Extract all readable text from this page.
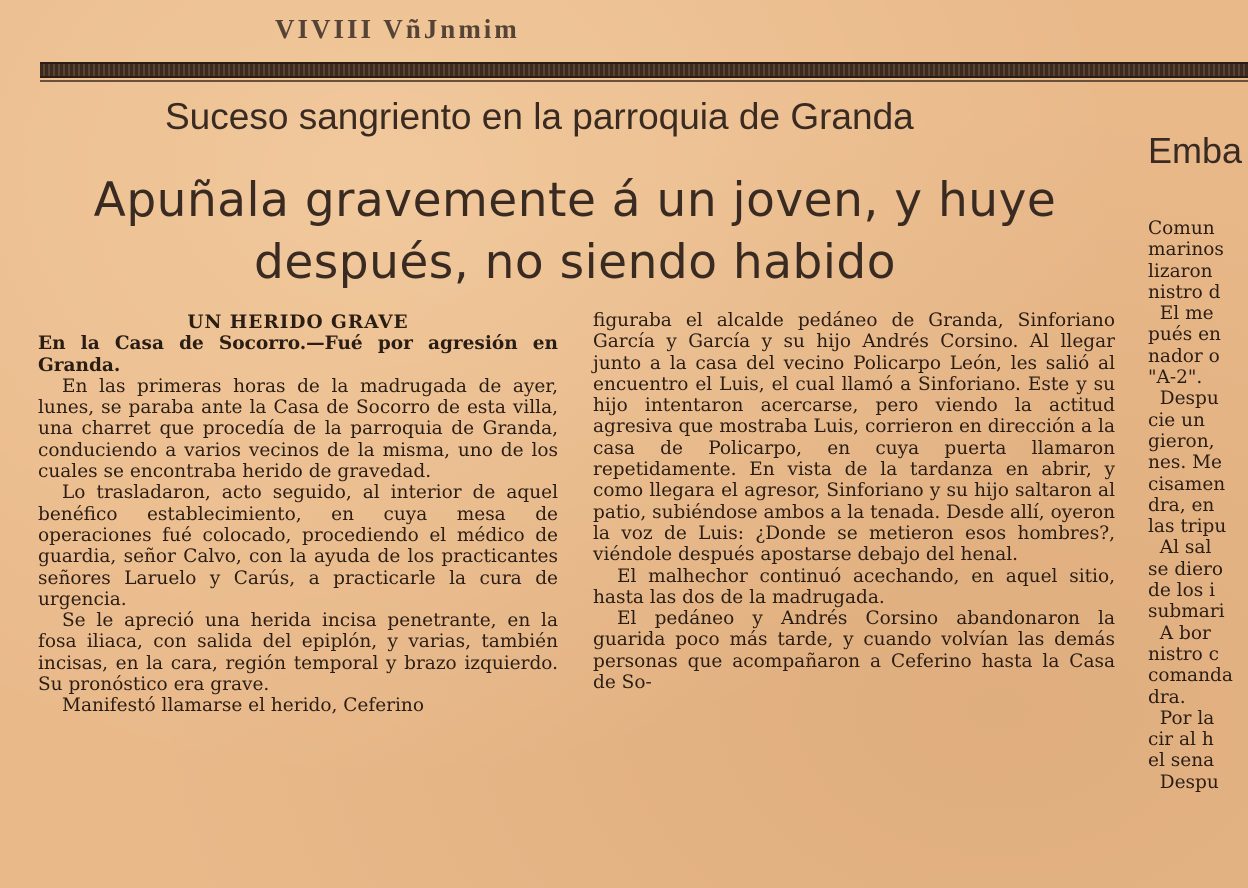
VIVIII VñJnmim
Suceso sangriento en la parroquia de Granda
Apuñala gravemente á un joven, y huye después, no siendo habido

UN HERIDO GRAVE

En la Casa de Socorro.—Fué por agresión en Granda.

En las primeras horas de la madrugada de ayer, lunes, se paraba ante la Casa de Socorro de esta villa, una charret que procedía de la parroquia de Granda, conduciendo a varios vecinos de la misma, uno de los cuales se encontraba herido de gravedad.

Lo trasladaron, acto seguido, al interior de aquel benéfico establecimiento, en cuya mesa de operaciones fué colocado, procediendo el médico de guardia, señor Calvo, con la ayuda de los practicantes señores Laruelo y Carús, a practicarle la cura de urgencia.

Se le apreció una herida incisa penetrante, en la fosa iliaca, con salida del epiplón, y varias, también incisas, en la cara, región temporal y brazo izquierdo. Su pronóstico era grave.

Manifestó llamarse el herido, Ceferino

figuraba el alcalde pedáneo de Granda, Sinforiano García y García y su hijo Andrés Corsino. Al llegar junto a la casa del vecino Policarpo León, les salió al encuentro el Luis, el cual llamó a Sinforiano. Este y su hijo intentaron acercarse, pero viendo la actitud agresiva que mostraba Luis, corrieron en dirección a la casa de Policarpo, en cuya puerta llamaron repetidamente. En vista de la tardanza en abrir, y como llegara el agresor, Sinforiano y su hijo saltaron al patio, subiéndose ambos a la tenada. Desde allí, oyeron la voz de Luis: ¿Donde se metieron esos hombres?, viéndole después apostarse debajo del henal.

El malhechor continuó acechando, en aquel sitio, hasta las dos de la madrugada.

El pedáneo y Andrés Corsino abandonaron la guarida poco más tarde, y cuando volvían las demás personas que acompañaron a Ceferino hasta la Casa de So-

Emba
Comun
marinos
lizaron
nistro d
El me
pués en
nador o
"A-2".
Despu
cie un
gieron,
nes. Me
cisamen
dra, en
las tripu
Al sal
se diero
de los i
submari
A bor
nistro c
comanda
dra.
Por la
cir al h
el sena
Despu
